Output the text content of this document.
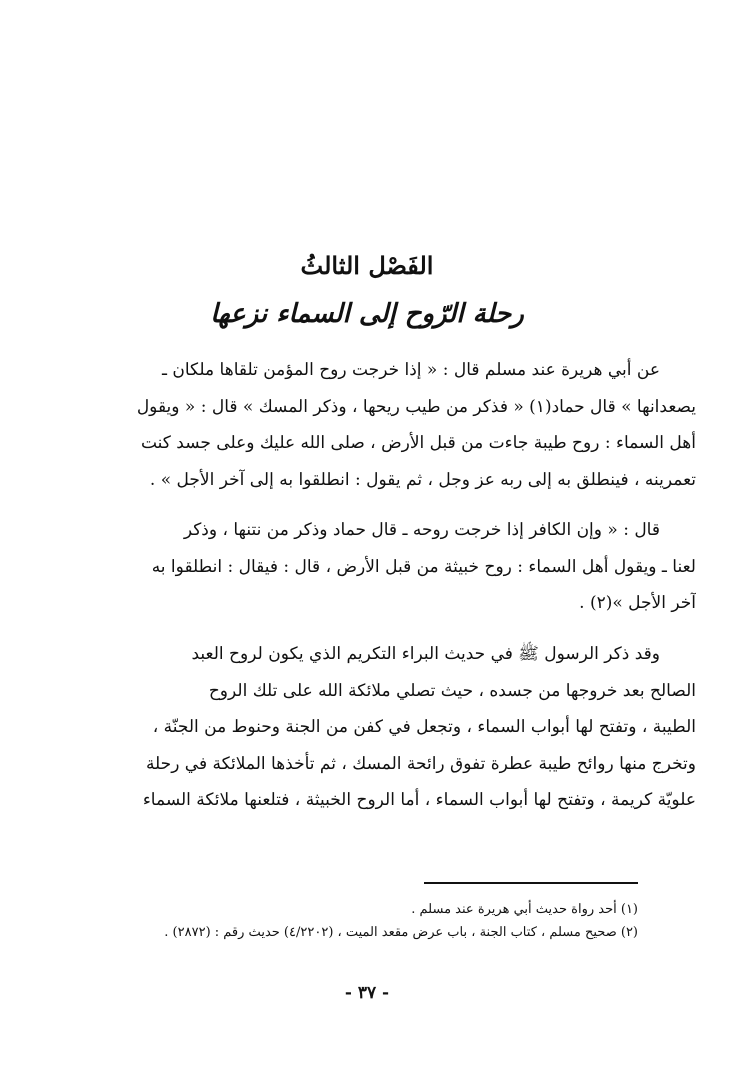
الفَصْل الثالثُ
رحلة الرّوح إلى السماء نزعها
عن أبي هريرة عند مسلم قال : « إذا خرجت روح المؤمن تلقاها ملكان ـ
يصعدانها » قال حماد(١) « فذكر من طيب ريحها ، وذكر المسك » قال : « ويقول
أهل السماء : روح طيبة جاءت من قبل الأرض ، صلى الله عليك وعلى جسد كنت
تعمرينه ، فينطلق به إلى ربه عز وجل ، ثم يقول : انطلقوا به إلى آخر الأجل » .
قال : « وإن الكافر إذا خرجت روحه ـ قال حماد وذكر من نتنها ، وذكر
لعنا ـ ويقول أهل السماء : روح خبيثة من قبل الأرض ، قال : فيقال : انطلقوا به
آخر الأجل »(٢) .
وقد ذكر الرسول ﷺ في حديث البراء التكريم الذي يكون لروح العبد
الصالح بعد خروجها من جسده ، حيث تصلي ملائكة الله على تلك الروح
الطيبة ، وتفتح لها أبواب السماء ، وتجعل في كفن من الجنة وحنوط من الجنّة ،
وتخرج منها روائح طيبة عطرة تفوق رائحة المسك ، ثم تأخذها الملائكة في رحلة
علويّة كريمة ، وتفتح لها أبواب السماء ، أما الروح الخبيثة ، فتلعنها ملائكة السماء
(١) أحد رواة حديث أبي هريرة عند مسلم .
(٢) صحيح مسلم ، كتاب الجنة ، باب عرض مقعد الميت ، (٤/٢٢٠٢) حديث رقم : (٢٨٧٢) .
- ٣٧ -
